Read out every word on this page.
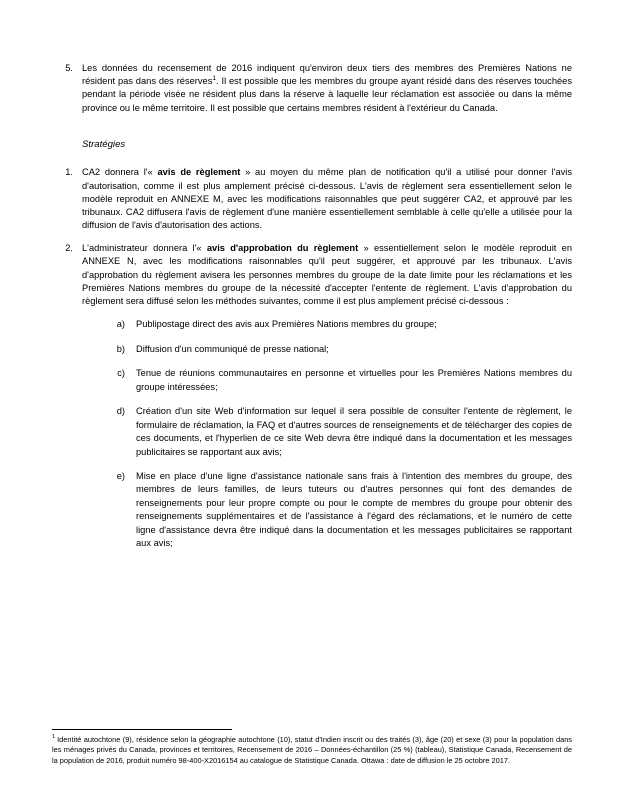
5. Les données du recensement de 2016 indiquent qu'environ deux tiers des membres des Premières Nations ne résident pas dans des réserves$^1$. Il est possible que les membres du groupe ayant résidé dans des réserves touchées pendant la période visée ne résident plus dans la réserve à laquelle leur réclamation est associée ou dans la même province ou le même territoire. Il est possible que certains membres résident à l'extérieur du Canada.
Stratégies
1. CA2 donnera l'« avis de règlement » au moyen du même plan de notification qu'il a utilisé pour donner l'avis d'autorisation, comme il est plus amplement précisé ci-dessous. L'avis de règlement sera essentiellement selon le modèle reproduit en ANNEXE M, avec les modifications raisonnables que peut suggérer CA2, et approuvé par les tribunaux. CA2 diffusera l'avis de règlement d'une manière essentiellement semblable à celle qu'elle a utilisée pour la diffusion de l'avis d'autorisation des actions.
2. L'administrateur donnera l'« avis d'approbation du règlement » essentiellement selon le modèle reproduit en ANNEXE N, avec les modifications raisonnables qu'il peut suggérer, et approuvé par les tribunaux. L'avis d'approbation du règlement avisera les personnes membres du groupe de la date limite pour les réclamations et les Premières Nations membres du groupe de la nécessité d'accepter l'entente de règlement. L'avis d'approbation du règlement sera diffusé selon les méthodes suivantes, comme il est plus amplement précisé ci-dessous :
a)	Publipostage direct des avis aux Premières Nations membres du groupe;
b)	Diffusion d'un communiqué de presse national;
c)	Tenue de réunions communautaires en personne et virtuelles pour les Premières Nations membres du groupe intéressées;
d)	Création d'un site Web d'information sur lequel il sera possible de consulter l'entente de règlement, le formulaire de réclamation, la FAQ et d'autres sources de renseignements et de télécharger des copies de ces documents, et l'hyperlien de ce site Web devra être indiqué dans la documentation et les messages publicitaires se rapportant aux avis;
e)	Mise en place d'une ligne d'assistance nationale sans frais à l'intention des membres du groupe, des membres de leurs familles, de leurs tuteurs ou d'autres personnes qui font des demandes de renseignements pour leur propre compte ou pour le compte de membres du groupe pour obtenir des renseignements supplémentaires et de l'assistance à l'égard des réclamations, et le numéro de cette ligne d'assistance devra être indiqué dans la documentation et les messages publicitaires se rapportant aux avis;
$^1$ Identité autochtone (9), résidence selon la géographie autochtone (10), statut d'Indien inscrit ou des traités (3), âge (20) et sexe (3) pour la population dans les ménages privés du Canada, provinces et territoires, Recensement de 2016 – Données-échantillon (25 %) (tableau), Statistique Canada, Recensement de la population de 2016, produit numéro 98-400-X2016154 au catalogue de Statistique Canada. Ottawa : date de diffusion le 25 octobre 2017.
